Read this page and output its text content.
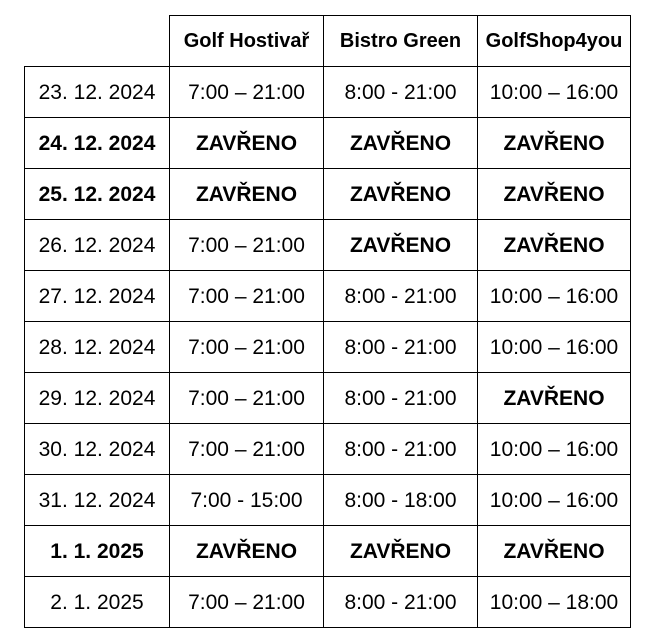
	Golf Hostivař	Bistro Green	GolfShop4you
23. 12. 2024	7:00 – 21:00	8:00 - 21:00	10:00 – 16:00
24. 12. 2024	ZAVŘENO	ZAVŘENO	ZAVŘENO
25. 12. 2024	ZAVŘENO	ZAVŘENO	ZAVŘENO
26. 12. 2024	7:00 – 21:00	ZAVŘENO	ZAVŘENO
27. 12. 2024	7:00 – 21:00	8:00 - 21:00	10:00 – 16:00
28. 12. 2024	7:00 – 21:00	8:00 - 21:00	10:00 – 16:00
29. 12. 2024	7:00 – 21:00	8:00 - 21:00	ZAVŘENO
30. 12. 2024	7:00 – 21:00	8:00 - 21:00	10:00 – 16:00
31. 12. 2024	7:00 - 15:00	8:00 - 18:00	10:00 – 16:00
1. 1. 2025	ZAVŘENO	ZAVŘENO	ZAVŘENO
2. 1. 2025	7:00 – 21:00	8:00 - 21:00	10:00 – 18:00
